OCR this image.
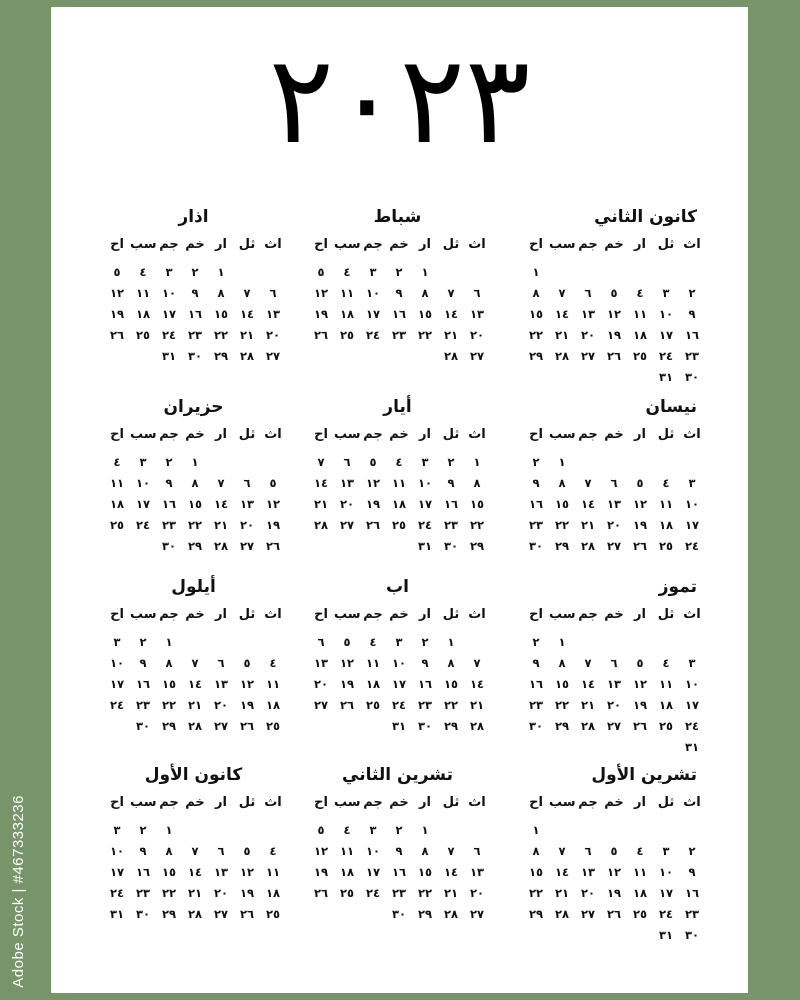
٢٠٢٣
كانون الثاني
اث
ثل
ار
خم
جم
سب
اح
١
٢
٣
٤
٥
٦
٧
٨
٩
١٠
١١
١٢
١٣
١٤
١٥
١٦
١٧
١٨
١٩
٢٠
٢١
٢٢
٢٣
٢٤
٢٥
٢٦
٢٧
٢٨
٢٩
٣٠
٣١
شباط
اث
ثل
ار
خم
جم
سب
اح
١
٢
٣
٤
٥
٦
٧
٨
٩
١٠
١١
١٢
١٣
١٤
١٥
١٦
١٧
١٨
١٩
٢٠
٢١
٢٢
٢٣
٢٤
٢٥
٢٦
٢٧
٢٨
اذار
اث
ثل
ار
خم
جم
سب
اح
١
٢
٣
٤
٥
٦
٧
٨
٩
١٠
١١
١٢
١٣
١٤
١٥
١٦
١٧
١٨
١٩
٢٠
٢١
٢٢
٢٣
٢٤
٢٥
٢٦
٢٧
٢٨
٢٩
٣٠
٣١
نيسان
اث
ثل
ار
خم
جم
سب
اح
١
٢
٣
٤
٥
٦
٧
٨
٩
١٠
١١
١٢
١٣
١٤
١٥
١٦
١٧
١٨
١٩
٢٠
٢١
٢٢
٢٣
٢٤
٢٥
٢٦
٢٧
٢٨
٢٩
٣٠
أيار
اث
ثل
ار
خم
جم
سب
اح
١
٢
٣
٤
٥
٦
٧
٨
٩
١٠
١١
١٢
١٣
١٤
١٥
١٦
١٧
١٨
١٩
٢٠
٢١
٢٢
٢٣
٢٤
٢٥
٢٦
٢٧
٢٨
٢٩
٣٠
٣١
حزيران
اث
ثل
ار
خم
جم
سب
اح
١
٢
٣
٤
٥
٦
٧
٨
٩
١٠
١١
١٢
١٣
١٤
١٥
١٦
١٧
١٨
١٩
٢٠
٢١
٢٢
٢٣
٢٤
٢٥
٢٦
٢٧
٢٨
٢٩
٣٠
تموز
اث
ثل
ار
خم
جم
سب
اح
١
٢
٣
٤
٥
٦
٧
٨
٩
١٠
١١
١٢
١٣
١٤
١٥
١٦
١٧
١٨
١٩
٢٠
٢١
٢٢
٢٣
٢٤
٢٥
٢٦
٢٧
٢٨
٢٩
٣٠
٣١
اب
اث
ثل
ار
خم
جم
سب
اح
١
٢
٣
٤
٥
٦
٧
٨
٩
١٠
١١
١٢
١٣
١٤
١٥
١٦
١٧
١٨
١٩
٢٠
٢١
٢٢
٢٣
٢٤
٢٥
٢٦
٢٧
٢٨
٢٩
٣٠
٣١
أيلول
اث
ثل
ار
خم
جم
سب
اح
١
٢
٣
٤
٥
٦
٧
٨
٩
١٠
١١
١٢
١٣
١٤
١٥
١٦
١٧
١٨
١٩
٢٠
٢١
٢٢
٢٣
٢٤
٢٥
٢٦
٢٧
٢٨
٢٩
٣٠
تشرين الأول
اث
ثل
ار
خم
جم
سب
اح
١
٢
٣
٤
٥
٦
٧
٨
٩
١٠
١١
١٢
١٣
١٤
١٥
١٦
١٧
١٨
١٩
٢٠
٢١
٢٢
٢٣
٢٤
٢٥
٢٦
٢٧
٢٨
٢٩
٣٠
٣١
تشرين الثاني
اث
ثل
ار
خم
جم
سب
اح
١
٢
٣
٤
٥
٦
٧
٨
٩
١٠
١١
١٢
١٣
١٤
١٥
١٦
١٧
١٨
١٩
٢٠
٢١
٢٢
٢٣
٢٤
٢٥
٢٦
٢٧
٢٨
٢٩
٣٠
كانون الأول
اث
ثل
ار
خم
جم
سب
اح
١
٢
٣
٤
٥
٦
٧
٨
٩
١٠
١١
١٢
١٣
١٤
١٥
١٦
١٧
١٨
١٩
٢٠
٢١
٢٢
٢٣
٢٤
٢٥
٢٦
٢٧
٢٨
٢٩
٣٠
٣١
Adobe Stock | #467333236
